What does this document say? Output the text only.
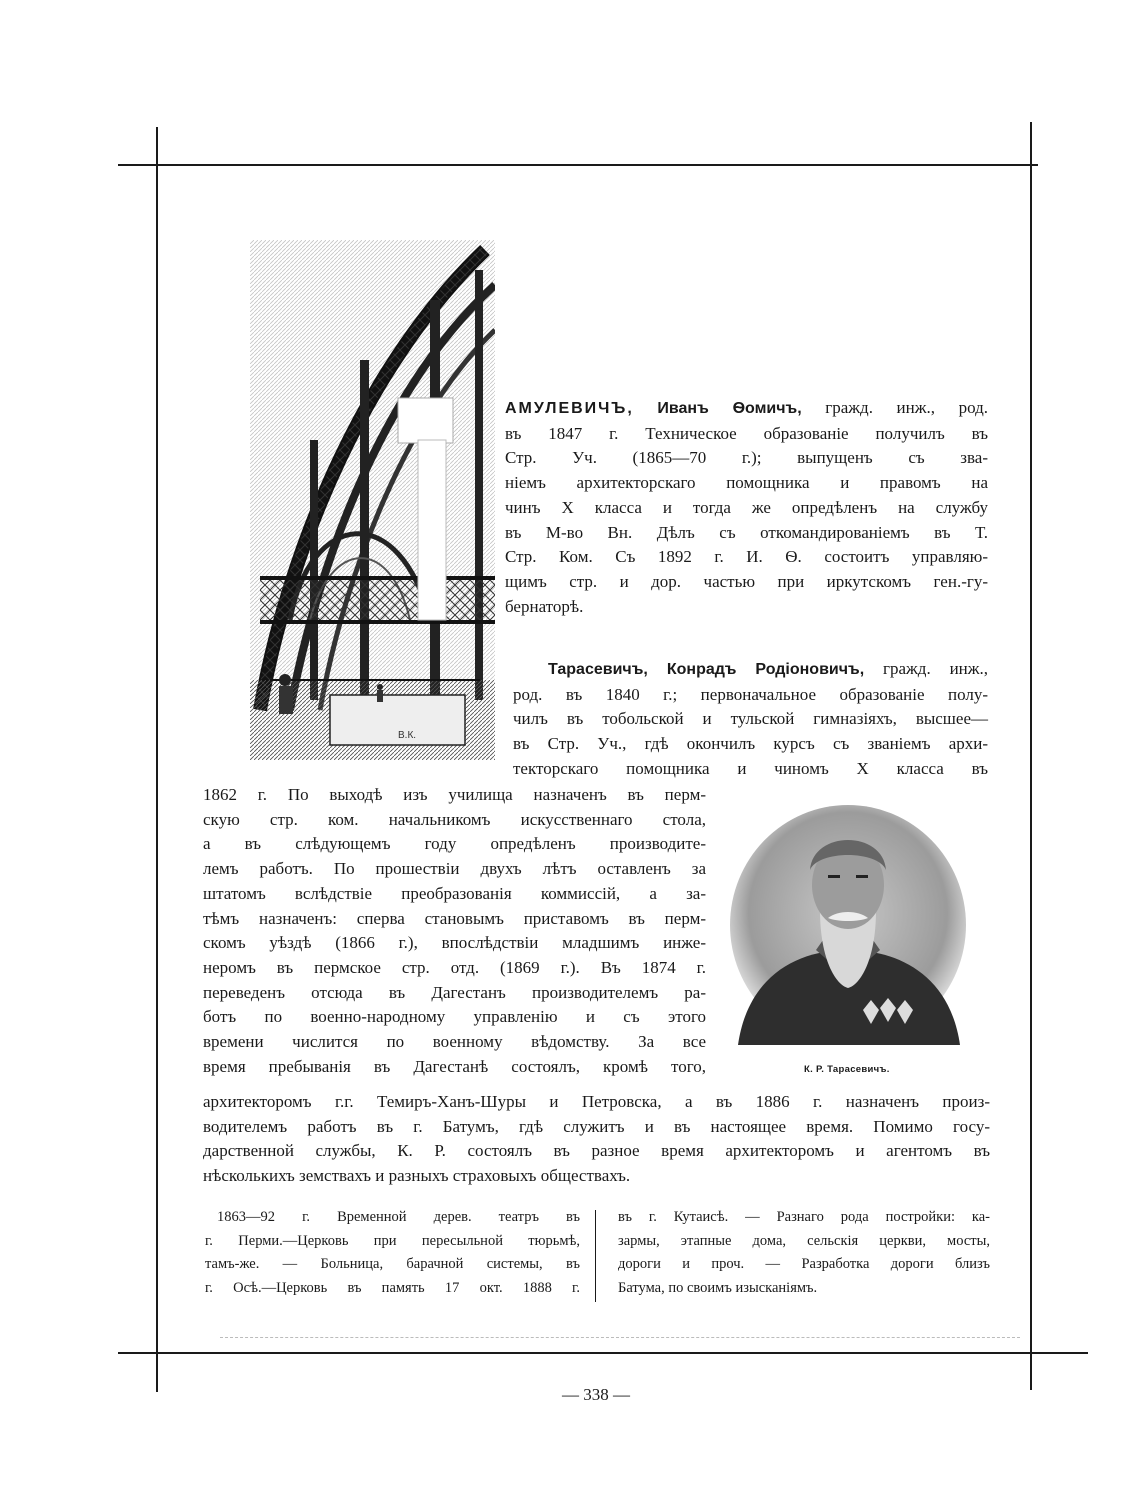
В.К.
АМУЛЕВИЧЪ, Иванъ Ѳомичъ, гражд. инж., род.
въ 1847 г. Техническое образованіе получилъ въ
Стр. Уч. (1865—70 г.); выпущенъ съ зва-
ніемъ архитекторскаго помощника и правомъ на
чинъ X класса и тогда же опредѣленъ на службу
въ М-во Вн. Дѣлъ съ откомандированіемъ въ Т.
Стр. Ком. Съ 1892 г. И. Ѳ. состоитъ управляю-
щимъ стр. и дор. частью при иркутскомъ ген.-гу-
бернаторѣ.
Тарасевичъ, Конрадъ Родіоновичъ, гражд. инж.,
род. въ 1840 г.; первоначальное образованіе полу-
чилъ въ тобольской и тульской гимназіяхъ, высшее—
въ Стр. Уч., гдѣ окончилъ курсъ съ званіемъ архи-
текторскаго помощника и чиномъ X класса въ
1862 г. По выходѣ изъ училища назначенъ въ перм-
скую стр. ком. начальникомъ искусственнаго стола,
а въ слѣдующемъ году опредѣленъ производите-
лемъ работъ. По прошествіи двухъ лѣтъ оставленъ за
штатомъ вслѣдствіе преобразованія коммиссій, а за-
тѣмъ назначенъ: сперва становымъ приставомъ въ перм-
скомъ уѣздѣ (1866 г.), впослѣдствіи младшимъ инже-
неромъ въ пермское стр. отд. (1869 г.). Въ 1874 г.
переведенъ отсюда въ Дагестанъ производителемъ ра-
ботъ по военно-народному управленію и съ этого
времени числится по военному вѣдомству. За все
время пребыванія въ Дагестанѣ состоялъ, кромѣ того,	К. Р. Тарасевичъ.
архитекторомъ г.г. Темиръ-Ханъ-Шуры и Петровска, а въ 1886 г. назначенъ произ-
водителемъ работъ въ г. Батумъ, гдѣ служитъ и въ настоящее время. Помимо госу-
дарственной службы, К. Р. состоялъ въ разное время архитекторомъ и агентомъ въ
нѣсколькихъ земствахъ и разныхъ страховыхъ обществахъ.
1863—92 г. Временной дерев. театръ въ
г. Перми.—Церковь при пересыльной тюрьмѣ,
тамъ-же. — Больница, барачной системы, въ
г. Осѣ.—Церковь въ память 17 окт. 1888 г.
въ г. Кутаисѣ. — Разнаго рода постройки: ка-
зармы, этапные дома, сельскія церкви, мосты,
дороги и проч. — Разработка дороги близъ
Батума, по своимъ изысканіямъ.
— 338 —
